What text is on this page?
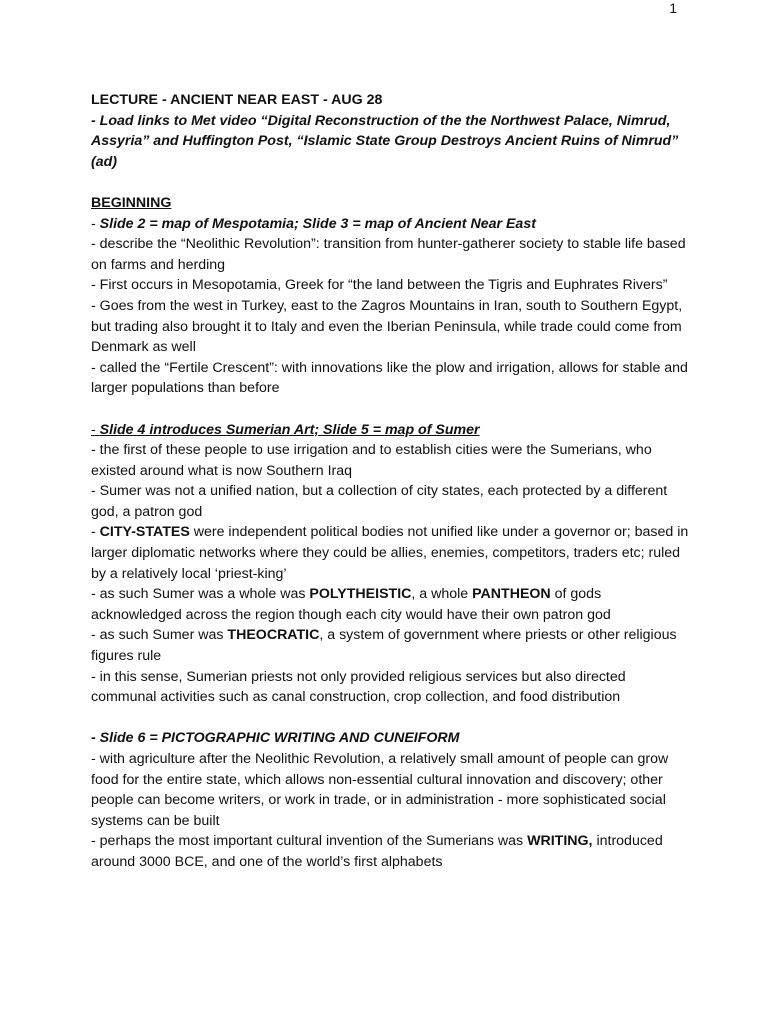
1

LECTURE - ANCIENT NEAR EAST - AUG 28

- Load links to Met video “Digital Reconstruction of the the Northwest Palace, Nimrud, Assyria” and Huffington Post, “Islamic State Group Destroys Ancient Ruins of Nimrud” (ad)

BEGINNING

- Slide 2 = map of Mespotamia; Slide 3 = map of Ancient Near East

- describe the “Neolithic Revolution”: transition from hunter-gatherer society to stable life based on farms and herding

- First occurs in Mesopotamia, Greek for “the land between the Tigris and Euphrates Rivers”

- Goes from the west in Turkey, east to the Zagros Mountains in Iran, south to Southern Egypt, but trading also brought it to Italy and even the Iberian Peninsula, while trade could come from Denmark as well

- called the “Fertile Crescent”: with innovations like the plow and irrigation, allows for stable and larger populations than before

- Slide 4 introduces Sumerian Art; Slide 5 = map of Sumer

- the first of these people to use irrigation and to establish cities were the Sumerians, who existed around what is now Southern Iraq

- Sumer was not a unified nation, but a collection of city states, each protected by a different god, a patron god

- CITY-STATES were independent political bodies not unified like under a governor or; based in larger diplomatic networks where they could be allies, enemies, competitors, traders etc; ruled by a relatively local ‘priest-king’

- as such Sumer was a whole was POLYTHEISTIC, a whole PANTHEON of gods acknowledged across the region though each city would have their own patron god

- as such Sumer was THEOCRATIC, a system of government where priests or other religious figures rule

- in this sense, Sumerian priests not only provided religious services but also directed communal activities such as canal construction, crop collection, and food distribution

- Slide 6 = PICTOGRAPHIC WRITING AND CUNEIFORM

- with agriculture after the Neolithic Revolution, a relatively small amount of people can grow food for the entire state, which allows non-essential cultural innovation and discovery; other people can become writers, or work in trade, or in administration - more sophisticated social systems can be built

- perhaps the most important cultural invention of the Sumerians was WRITING, introduced around 3000 BCE, and one of the world’s first alphabets
